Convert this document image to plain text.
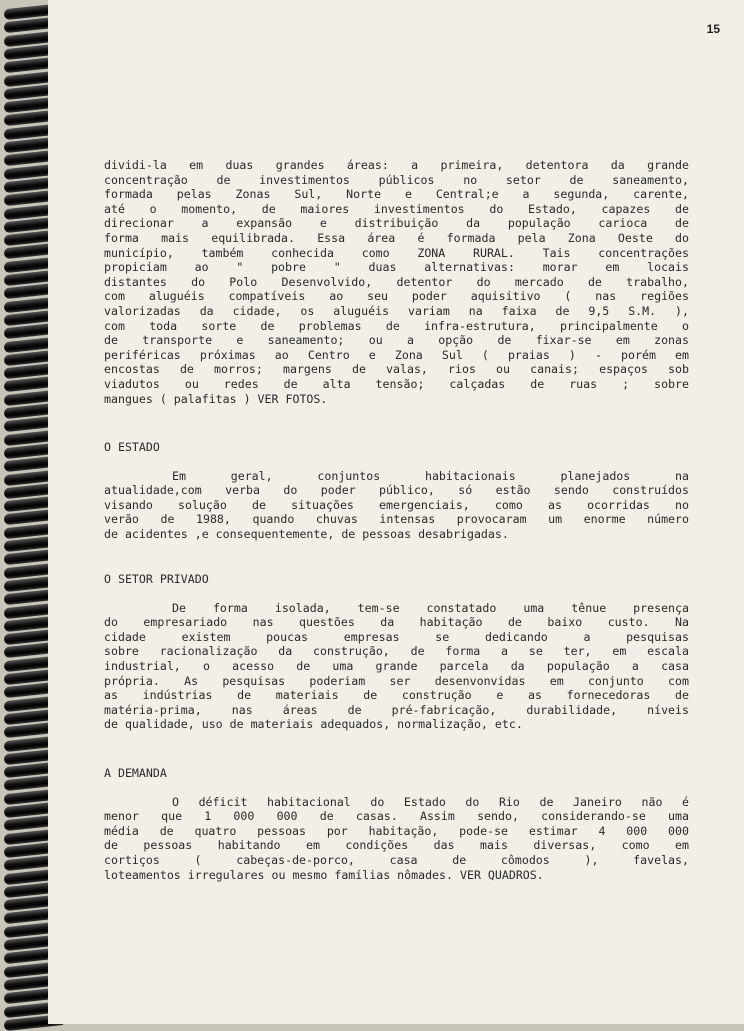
15
dividi-la em duas grandes áreas: a primeira, detentora da grande
concentração de investimentos públicos no setor de saneamento,
formada pelas Zonas Sul, Norte e Central;e a segunda, carente,
até o momento, de maiores investimentos do Estado, capazes de
direcionar a expansão e distribuição da população carioca de
forma mais equilibrada. Essa área é formada pela Zona Oeste do
município, também conhecida como ZONA RURAL. Tais concentrações
propiciam ao " pobre " duas alternativas: morar em locais
distantes do Polo Desenvolvido, detentor do mercado de trabalho,
com aluguéis compatíveis ao seu poder aquisitivo ( nas regiões
valorizadas da cidade, os aluguéis variam na faixa de 9,5 S.M. ),
com toda sorte de problemas de infra-estrutura, principalmente o
de transporte e saneamento; ou a opção de fixar-se em zonas
periféricas próximas ao Centro e Zona Sul ( praias ) - porém em
encostas de morros; margens de valas, rios ou canais; espaços sob
viadutos ou redes de alta tensão; calçadas de ruas ; sobre
mangues ( palafitas ) VER FOTOS.

O ESTADO

Em geral, conjuntos habitacionais planejados na
atualidade,com verba do poder público, só estão sendo construídos
visando solução de situações emergenciais, como as ocorridas no
verão de 1988, quando chuvas intensas provocaram um enorme número
de acidentes ,e consequentemente, de pessoas desabrigadas.

O SETOR PRIVADO

De forma isolada, tem-se constatado uma tênue presença
do empresariado nas questões da habitação de baixo custo. Na
cidade existem poucas empresas se dedicando a pesquisas
sobre racionalização da construção, de forma a se ter, em escala
industrial, o acesso de uma grande parcela da população a casa
própria. As pesquisas poderiam ser desenvonvidas em conjunto com
as indústrias de materiais de construção e as fornecedoras de
matéria-prima, nas áreas de pré-fabricação, durabilidade, níveis
de qualidade, uso de materiais adequados, normalização, etc.

A DEMANDA

O déficit habitacional do Estado do Rio de Janeiro não é
menor que 1 000 000 de casas. Assim sendo, considerando-se uma
média de quatro pessoas por habitação, pode-se estimar 4 000 000
de pessoas habitando em condições das mais diversas, como em
cortiços ( cabeças-de-porco, casa de cômodos ), favelas,
loteamentos irregulares ou mesmo famílias nômades. VER QUADROS.
